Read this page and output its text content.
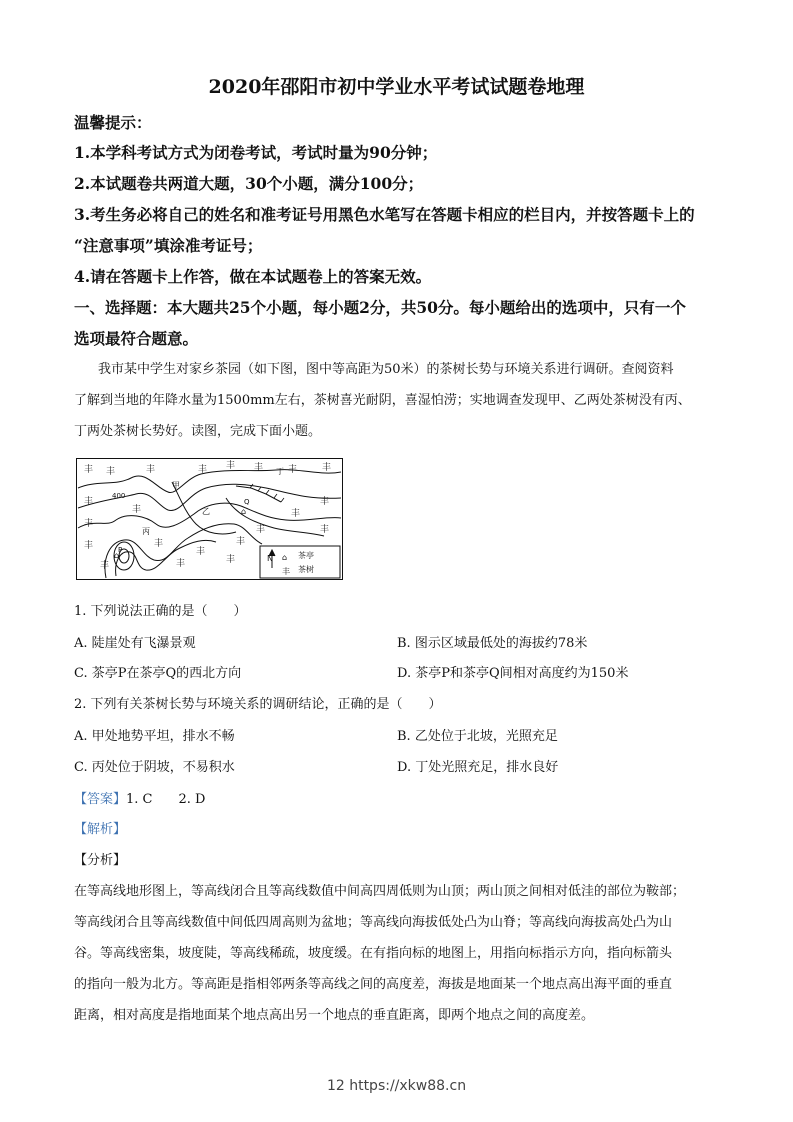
2020年邵阳市初中学业水平考试试题卷地理
温馨提示：
1.本学科考试方式为闭卷考试，考试时量为90分钟；
2.本试题卷共两道大题，30个小题，满分100分；
3.考生务必将自己的姓名和准考证号用黑色水笔写在答题卡相应的栏目内，并按答题卡上的
“注意事项”填涂准考证号；
4.请在答题卡上作答，做在本试题卷上的答案无效。
一、选择题：本大题共25个小题，每小题2分，共50分。每小题给出的选项中，只有一个
选项最符合题意。
我市某中学生对家乡茶园（如下图，图中等高距为50米）的茶树长势与环境关系进行调研。查阅资料
了解到当地的年降水量为1500mm左右，茶树喜光耐阴，喜湿怕涝；实地调查发现甲、乙两处茶树没有丙、
丁两处茶树长势好。读图，完成下面小题。
甲
乙
丙
丁
400
P
Q
N	茶亭
茶树
丰 丰	丰	丰 丰 丰	丰	丰
丰
丰
丰
丰
丰
丰
丰
丰
丰
丰
丰
丰
丰
丰
丰
⌂
⌂
⌂
1. 下列说法正确的是（　　）
A. 陡崖处有飞瀑景观	B. 图示区域最低处的海拔约78米
C. 茶亭P在茶亭Q的西北方向	D. 茶亭P和茶亭Q间相对高度约为150米
2. 下列有关茶树长势与环境关系的调研结论，正确的是（　　）
A. 甲处地势平坦，排水不畅	B. 乙处位于北坡，光照充足
C. 丙处位于阴坡，不易积水	D. 丁处光照充足，排水良好
【答案】1. C　　2. D
【解析】
【分析】
在等高线地形图上，等高线闭合且等高线数值中间高四周低则为山顶；两山顶之间相对低洼的部位为鞍部；
等高线闭合且等高线数值中间低四周高则为盆地；等高线向海拔低处凸为山脊；等高线向海拔高处凸为山
谷。等高线密集，坡度陡，等高线稀疏，坡度缓。在有指向标的地图上，用指向标指示方向，指向标箭头
的指向一般为北方。等高距是指相邻两条等高线之间的高度差，海拔是地面某一个地点高出海平面的垂直
距离，相对高度是指地面某个地点高出另一个地点的垂直距离，即两个地点之间的高度差。
12 https://xkw88.cn
